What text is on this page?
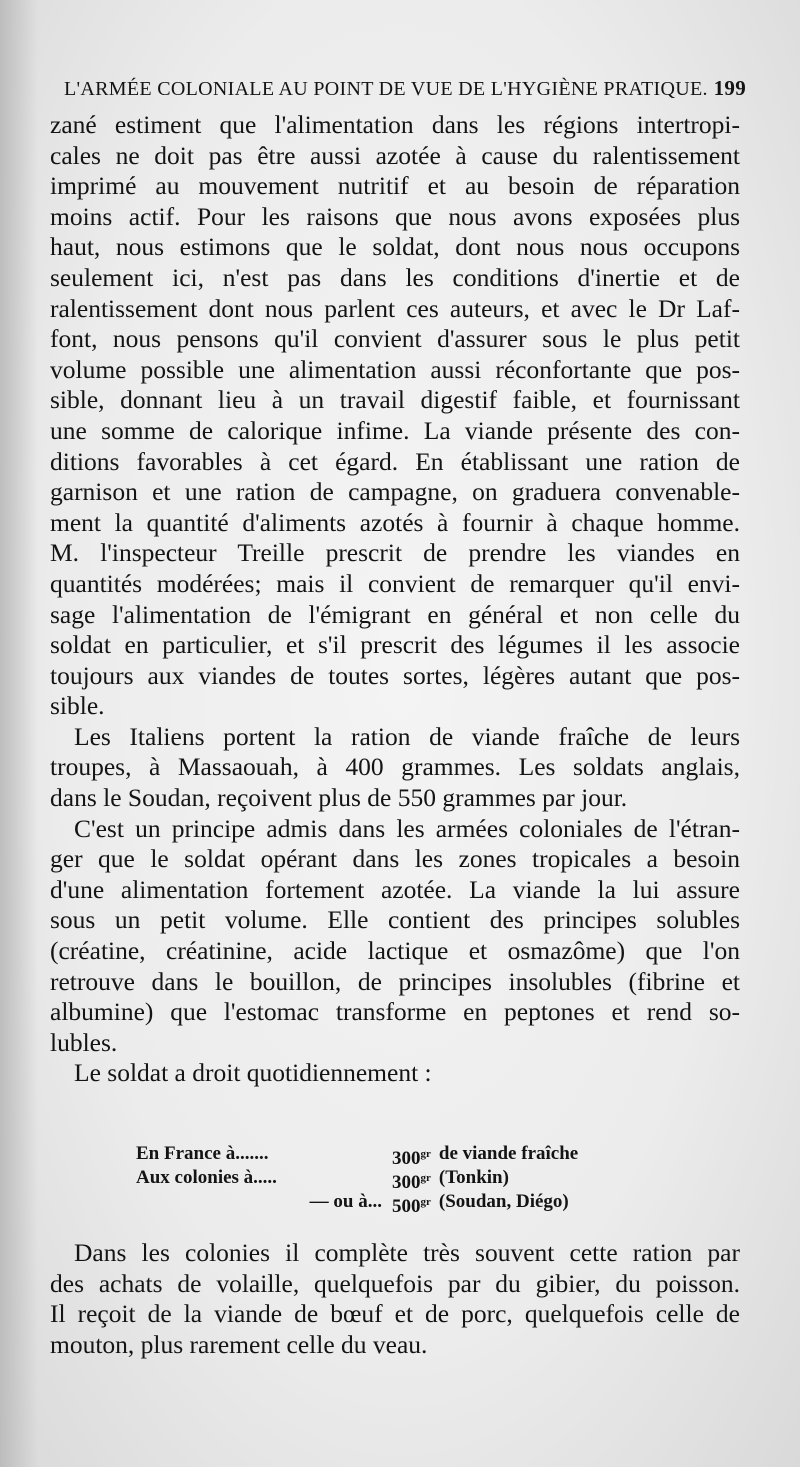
L'ARMÉE COLONIALE AU POINT DE VUE DE L'HYGIÈNE PRATIQUE. 199
zané estiment que l'alimentation dans les régions intertropi-
cales ne doit pas être aussi azotée à cause du ralentissement
imprimé au mouvement nutritif et au besoin de réparation
moins actif. Pour les raisons que nous avons exposées plus
haut, nous estimons que le soldat, dont nous nous occupons
seulement ici, n'est pas dans les conditions d'inertie et de
ralentissement dont nous parlent ces auteurs, et avec le Dr Laf-
font, nous pensons qu'il convient d'assurer sous le plus petit
volume possible une alimentation aussi réconfortante que pos-
sible, donnant lieu à un travail digestif faible, et fournissant
une somme de calorique infime. La viande présente des con-
ditions favorables à cet égard. En établissant une ration de
garnison et une ration de campagne, on graduera convenable-
ment la quantité d'aliments azotés à fournir à chaque homme.
M. l'inspecteur Treille prescrit de prendre les viandes en
quantités modérées; mais il convient de remarquer qu'il envi-
sage l'alimentation de l'émigrant en général et non celle du
soldat en particulier, et s'il prescrit des légumes il les associe
toujours aux viandes de toutes sortes, légères autant que pos-
sible.
Les Italiens portent la ration de viande fraîche de leurs
troupes, à Massaouah, à 400 grammes. Les soldats anglais,
dans le Soudan, reçoivent plus de 550 grammes par jour.
C'est un principe admis dans les armées coloniales de l'étran-
ger que le soldat opérant dans les zones tropicales a besoin
d'une alimentation fortement azotée. La viande la lui assure
sous un petit volume. Elle contient des principes solubles
(créatine, créatinine, acide lactique et osmazôme) que l'on
retrouve dans le bouillon, de principes insolubles (fibrine et
albumine) que l'estomac transforme en peptones et rend so-
lubles.
Le soldat a droit quotidiennement :
En France à.......	$300^{gr}$ de viande fraîche
Aux colonies à.....	$300^{gr}$ (Tonkin)
— ou à... $500^{gr}$ (Soudan, Diégo)
Dans les colonies il complète très souvent cette ration par
des achats de volaille, quelquefois par du gibier, du poisson.
Il reçoit de la viande de bœuf et de porc, quelquefois celle de
mouton, plus rarement celle du veau.
